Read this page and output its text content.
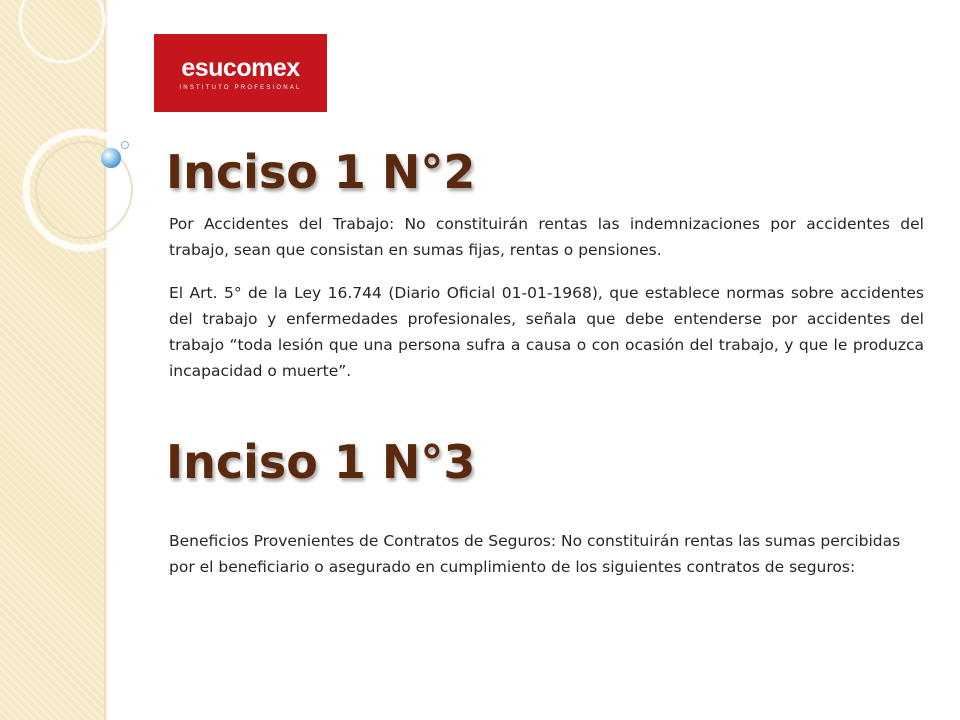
esucomex
INSTITUTO PROFESIONAL
Inciso 1 N°2

Por Accidentes del Trabajo: No constituirán rentas las indemnizaciones por accidentes del trabajo, sean que consistan en sumas fijas, rentas o pensiones.

El Art. 5° de la Ley 16.744 (Diario Oficial 01-01-1968), que establece normas sobre accidentes del trabajo y enfermedades profesionales, señala que debe entenderse por accidentes del trabajo “toda lesión que una persona sufra a causa o con ocasión del trabajo, y que le produzca incapacidad o muerte”.

Inciso 1 N°3

Beneficios Provenientes de Contratos de Seguros: No constituirán rentas las sumas percibidas por el beneficiario o asegurado en cumplimiento de los siguientes contratos de seguros:
